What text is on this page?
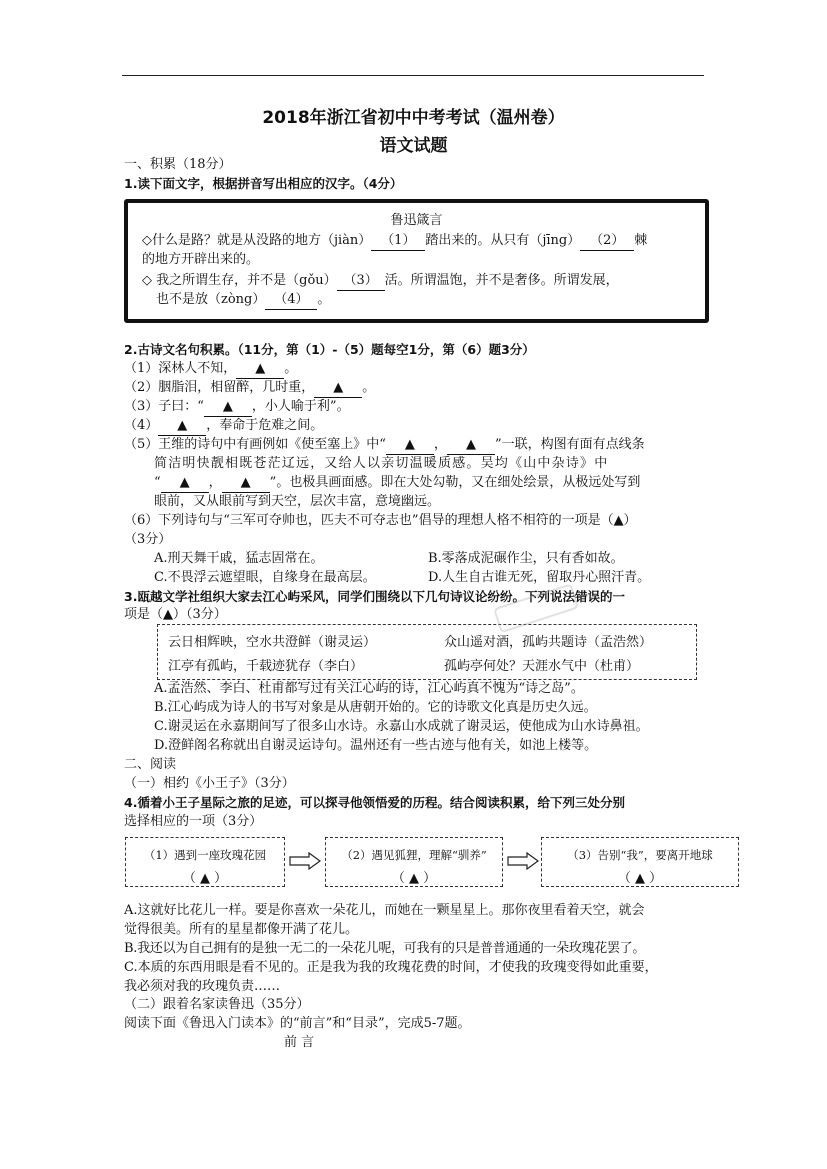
2018年浙江省初中中考考试（温州卷）
语文试题
一、积累（18分）
1.读下面文字，根据拼音写出相应的汉字。（4分）
鲁迅箴言
◇什么是路？就是从没路的地方（jiàn） （1） 踏出来的。从只有（jīng） （2） 棘
的地方开辟出来的。
◇ 我之所谓生存，并不是（gǒu） （3） 活。所谓温饱，并不是奢侈。所谓发展，
也不是放（zòng） （4） 。
2.古诗文名句积累。（11分，第（1）-（5）题每空1分，第（6）题3分）
（1）深林人不知， ▲ 。
（2）胭脂泪，相留醉，几时重， ▲ 。
（3）子曰：“ ▲ ，小人喻于利”。
（4） ▲ ，奉命于危难之间。
（5）王维的诗句中有画例如《使至塞上》中“ ▲ ， ▲ ”一联，构图有面有点线条
简洁明快靓相既苍茫辽远，又给人以亲切温暖质感。吴均《山中杂诗》中
“ ▲ ， ▲ ”。也极具画面感。即在大处勾勒，又在细处绘景，从极远处写到
眼前，又从眼前写到天空，层次丰富，意境幽远。
（6）下列诗句与“三军可夺帅也，匹夫不可夺志也”倡导的理想人格不相符的一项是（▲）
（3分）
A.刑天舞干戚，猛志固常在。	B.零落成泥碾作尘，只有香如故。
C.不畏浮云遮望眼，自缘身在最高层。	D.人生自古谁无死，留取丹心照汗青。
3.瓯越文学社组织大家去江心屿采风，同学们围绕以下几句诗议论纷纷。下列说法错误的一
项是（▲）（3分）
云日相辉映，空水共澄鲜（谢灵运）	众山遥对酒，孤屿共题诗（孟浩然）
江亭有孤屿，千载迹犹存（李白）	孤屿亭何处？天涯水气中（杜甫）
A.孟浩然、李白、杜甫都写过有关江心屿的诗，江心屿真不愧为“诗之岛”。
B.江心屿成为诗人的书写对象是从唐朝开始的。它的诗歌文化真是历史久远。
C.谢灵运在永嘉期间写了很多山水诗。永嘉山水成就了谢灵运，使他成为山水诗鼻祖。
D.澄鲜阁名称就出自谢灵运诗句。温州还有一些古迹与他有关，如池上楼等。
二、阅读
（一）相约《小王子》（3分）
4.循着小王子星际之旅的足迹，可以探寻他领悟爱的历程。结合阅读积累，给下列三处分别
选择相应的一项（3分）
（1）遇到一座玫瑰花园
（ ▲ ）
（2）遇见狐狸，理解“驯养”
（ ▲ ）
（3）告别“我”，要离开地球
（ ▲ ）
A.这就好比花儿一样。要是你喜欢一朵花儿，而她在一颗星星上。那你夜里看着天空，就会
觉得很美。所有的星星都像开满了花儿。
B.我还以为自己拥有的是独一无二的一朵花儿呢，可我有的只是普普通通的一朵玫瑰花罢了。
C.本质的东西用眼是看不见的。正是我为我的玫瑰花费的时间，才使我的玫瑰变得如此重要，
我必须对我的玫瑰负责……
（二）跟着名家读鲁迅（35分）
阅读下面《鲁迅入门读本》的“前言”和“目录”，完成5-7题。
前 言
